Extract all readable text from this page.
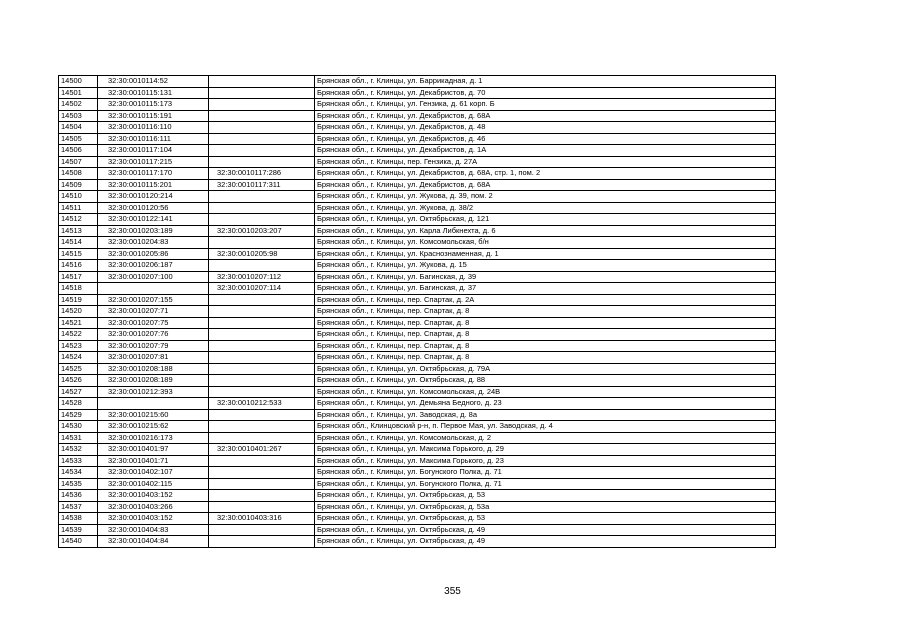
14500	32:30:0010114:52		Брянская обл., г. Клинцы, ул. Баррикадная, д. 1
14501	32:30:0010115:131		Брянская обл., г. Клинцы, ул. Декабристов, д. 70
14502	32:30:0010115:173		Брянская обл., г. Клинцы, ул. Гензика, д. 61 корп. Б
14503	32:30:0010115:191		Брянская обл., г. Клинцы, ул. Декабристов, д. 68А
14504	32:30:0010116:110		Брянская обл., г. Клинцы, ул. Декабристов, д. 48
14505	32:30:0010116:111		Брянская обл., г. Клинцы, ул. Декабристов, д. 46
14506	32:30:0010117:104		Брянская обл., г. Клинцы, ул. Декабристов, д. 1А
14507	32:30:0010117:215		Брянская обл., г. Клинцы, пер. Гензика, д. 27А
14508	32:30:0010117:170	32:30:0010117:286	Брянская обл., г. Клинцы, ул. Декабристов, д. 68А, стр. 1, пом. 2
14509	32:30:0010115:201	32:30:0010117:311	Брянская обл., г. Клинцы, ул. Декабристов, д. 68А
14510	32:30:0010120:214		Брянская обл., г. Клинцы, ул. Жукова, д. 39, пом. 2
14511	32:30:0010120:56		Брянская обл., г. Клинцы, ул. Жукова, д. 38/2
14512	32:30:0010122:141		Брянская обл., г. Клинцы, ул. Октябрьская, д. 121
14513	32:30:0010203:189	32:30:0010203:207	Брянская обл., г. Клинцы, ул. Карла Либкнехта, д. 6
14514	32:30:0010204:83		Брянская обл., г. Клинцы, ул. Комсомольская, б/н
14515	32:30:0010205:86	32:30:0010205:98	Брянская обл., г. Клинцы, ул. Краснознаменная, д. 1
14516	32:30:0010206:187		Брянская обл., г. Клинцы, ул. Жукова, д. 15
14517	32:30:0010207:100	32:30:0010207:112	Брянская обл., г. Клинцы, ул. Багинская, д. 39
14518		32:30:0010207:114	Брянская обл., г. Клинцы, ул. Багинская, д. 37
14519	32:30:0010207:155		Брянская обл., г. Клинцы, пер. Спартак, д. 2А
14520	32:30:0010207:71		Брянская обл., г. Клинцы, пер. Спартак, д. 8
14521	32:30:0010207:75		Брянская обл., г. Клинцы, пер. Спартак, д. 8
14522	32:30:0010207:76		Брянская обл., г. Клинцы, пер. Спартак, д. 8
14523	32:30:0010207:79		Брянская обл., г. Клинцы, пер. Спартак, д. 8
14524	32:30:0010207:81		Брянская обл., г. Клинцы, пер. Спартак, д. 8
14525	32:30:0010208:188		Брянская обл., г. Клинцы, ул. Октябрьская, д. 79А
14526	32:30:0010208:189		Брянская обл., г. Клинцы, ул. Октябрьская, д. 88
14527	32:30:0010212:393		Брянская обл., г. Клинцы, ул. Комсомольская, д. 24В
14528		32:30:0010212:533	Брянская обл., г. Клинцы, ул. Демьяна Бедного, д. 23
14529	32:30:0010215:60		Брянская обл., г. Клинцы, ул. Заводская, д. 8а
14530	32:30:0010215:62		Брянская обл., Клинцовский р-н, п. Первое Мая, ул. Заводская, д. 4
14531	32:30:0010216:173		Брянская обл., г. Клинцы, ул. Комсомольская, д. 2
14532	32:30:0010401:97	32:30:0010401:267	Брянская обл., г. Клинцы, ул. Максима Горького, д. 29
14533	32:30:0010401:71		Брянская обл., г. Клинцы, ул. Максима Горького, д. 23
14534	32:30:0010402:107		Брянская обл., г. Клинцы, ул. Богунского Полка, д. 71
14535	32:30:0010402:115		Брянская обл., г. Клинцы, ул. Богунского Полка, д. 71
14536	32:30:0010403:152		Брянская обл., г. Клинцы, ул. Октябрьская, д. 53
14537	32:30:0010403:266		Брянская обл., г. Клинцы, ул. Октябрьская, д. 53а
14538	32:30:0010403:152	32:30:0010403:316	Брянская обл., г. Клинцы, ул. Октябрьская, д. 53
14539	32:30:0010404:83		Брянская обл., г. Клинцы, ул. Октябрьская, д. 49
14540	32:30:0010404:84		Брянская обл., г. Клинцы, ул. Октябрьская, д. 49
355
